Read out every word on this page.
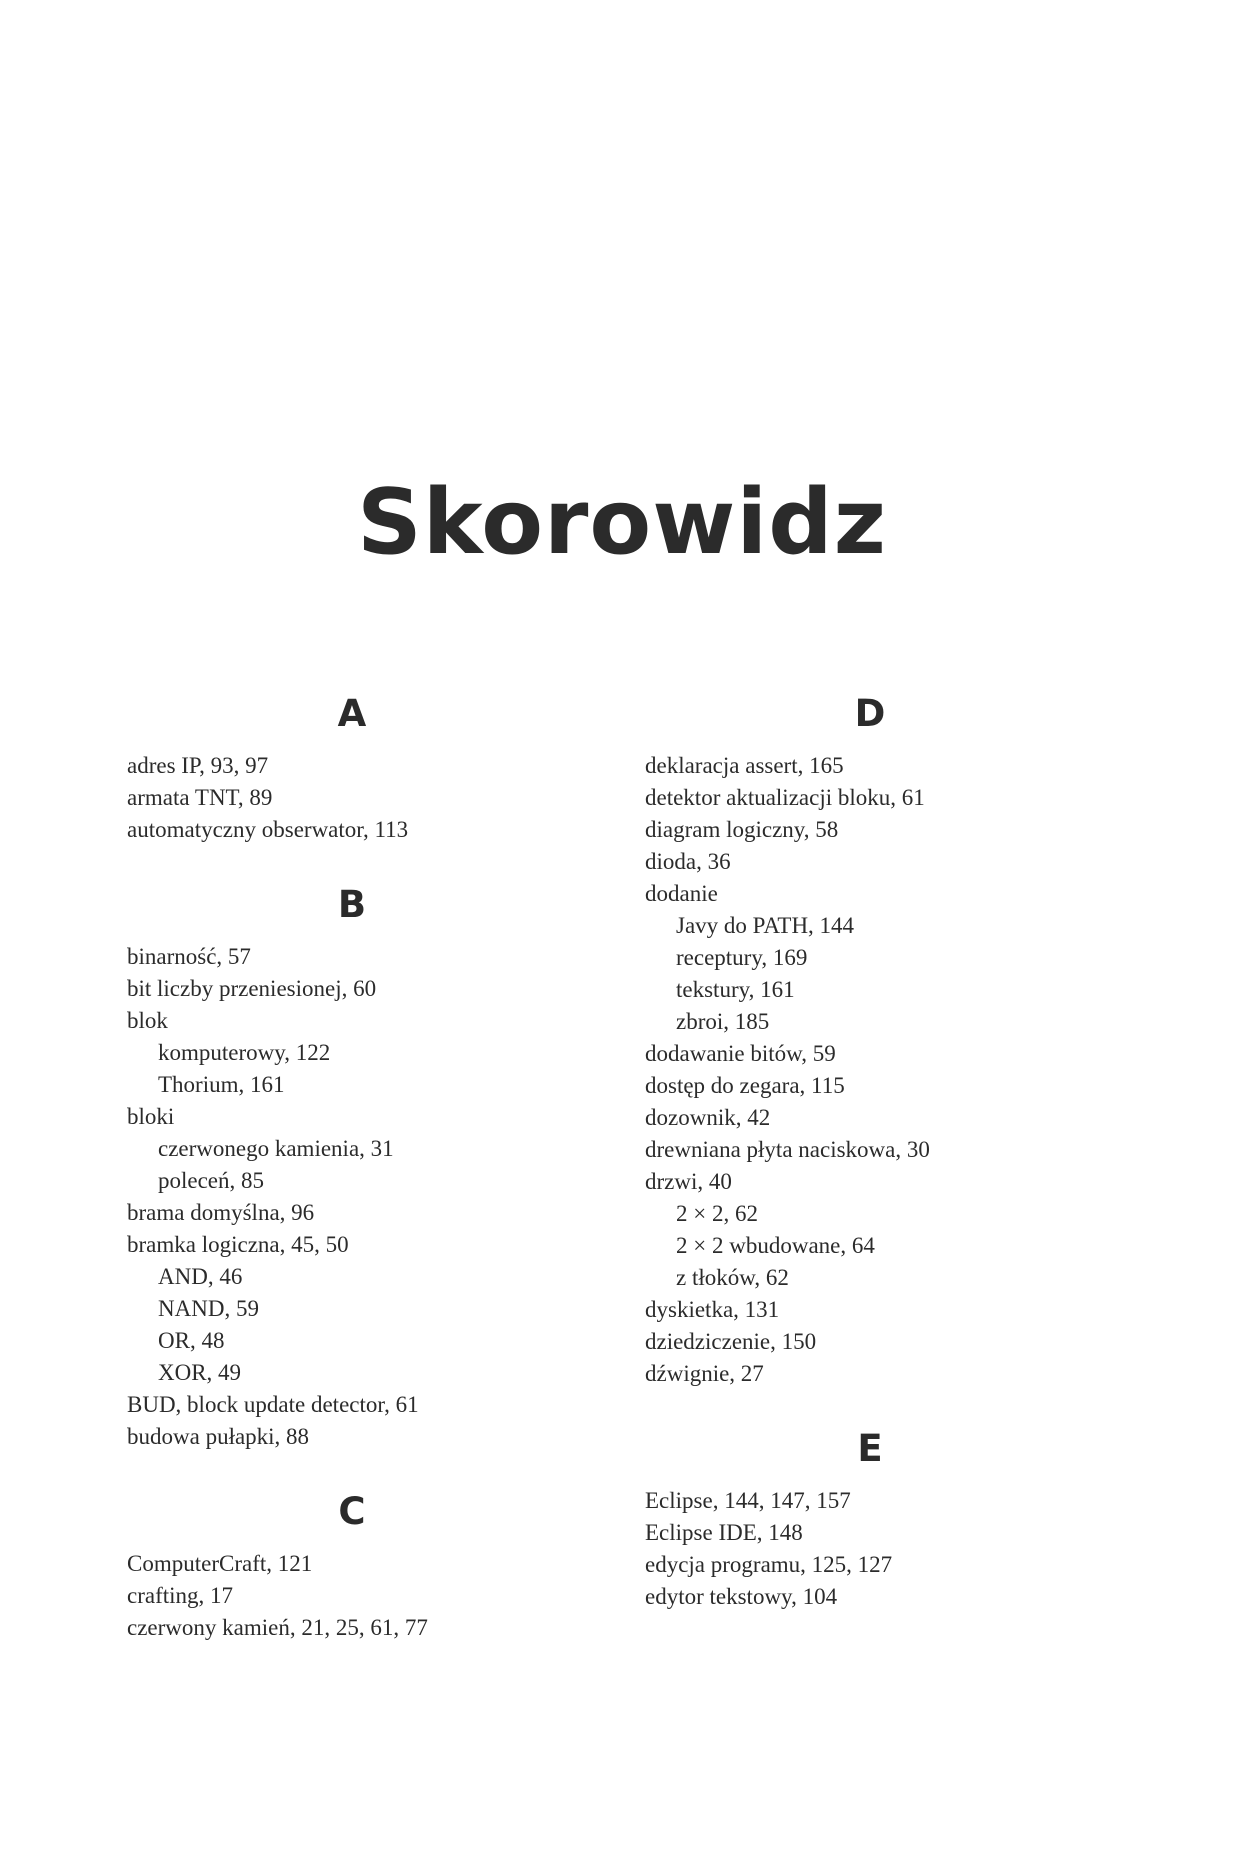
Skorowidz
A
adres IP, 93, 97
armata TNT, 89
automatyczny obserwator, 113
B
binarność, 57
bit liczby przeniesionej, 60
blok
komputerowy, 122
Thorium, 161
bloki
czerwonego kamienia, 31
poleceń, 85
brama domyślna, 96
bramka logiczna, 45, 50
AND, 46
NAND, 59
OR, 48
XOR, 49
BUD, block update detector, 61
budowa pułapki, 88
C
ComputerCraft, 121
crafting, 17
czerwony kamień, 21, 25, 61, 77
D
deklaracja assert, 165
detektor aktualizacji bloku, 61
diagram logiczny, 58
dioda, 36
dodanie
Javy do PATH, 144
receptury, 169
tekstury, 161
zbroi, 185
dodawanie bitów, 59
dostęp do zegara, 115
dozownik, 42
drewniana płyta naciskowa, 30
drzwi, 40
2 × 2, 62
2 × 2 wbudowane, 64
z tłoków, 62
dyskietka, 131
dziedziczenie, 150
dźwignie, 27
E
Eclipse, 144, 147, 157
Eclipse IDE, 148
edycja programu, 125, 127
edytor tekstowy, 104
